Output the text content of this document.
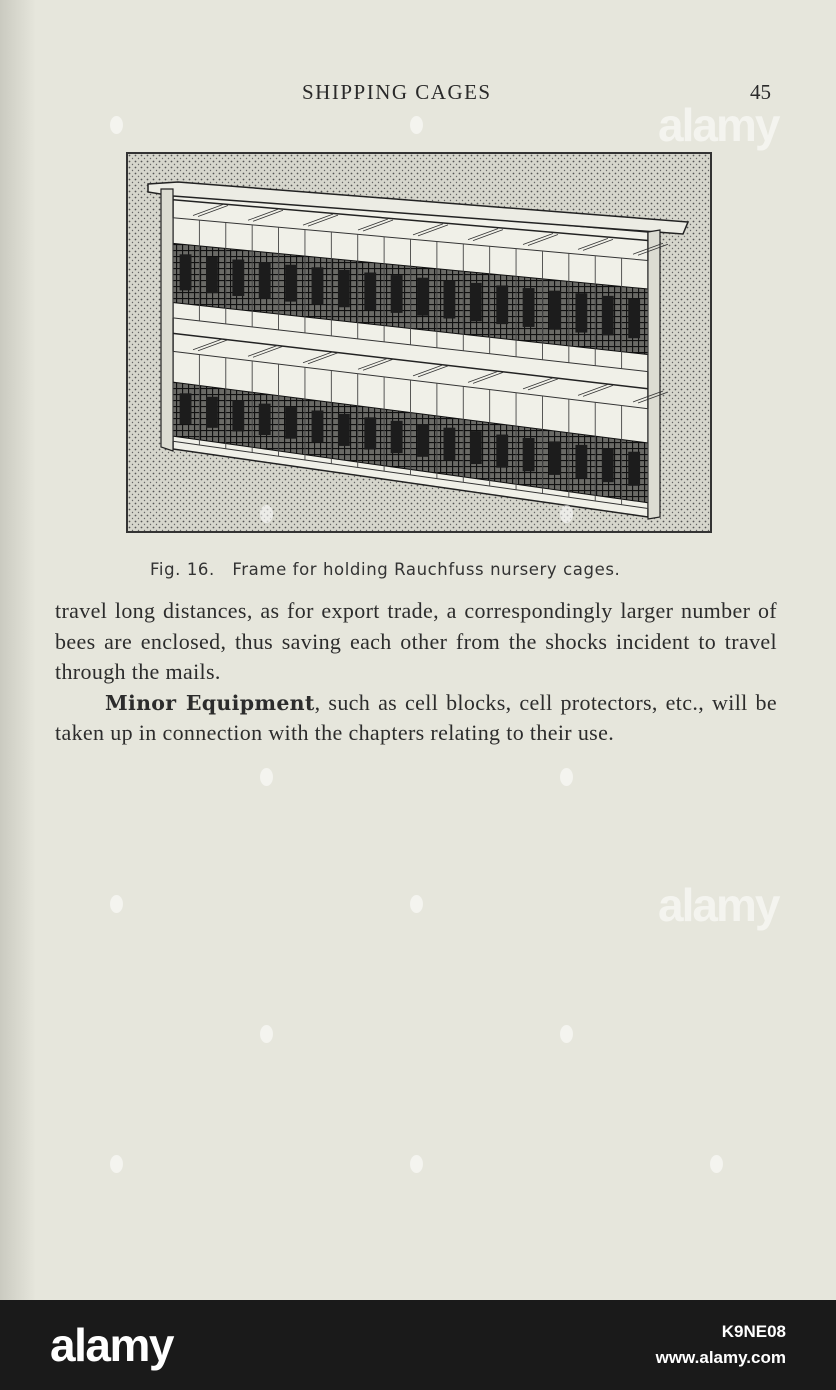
SHIPPING CAGES	45
Fig. 16.   Frame for holding Rauchfuss nursery cages.

travel long distances, as for export trade, a correspondingly larger number of bees are enclosed, thus saving each other from the shocks incident to travel through the mails.

Minor Equipment, such as cell blocks, cell protectors, etc., will be taken up in connection with the chapters relating to their use.

alamy
alamy
alamy	K9NE08
www.alamy.com
